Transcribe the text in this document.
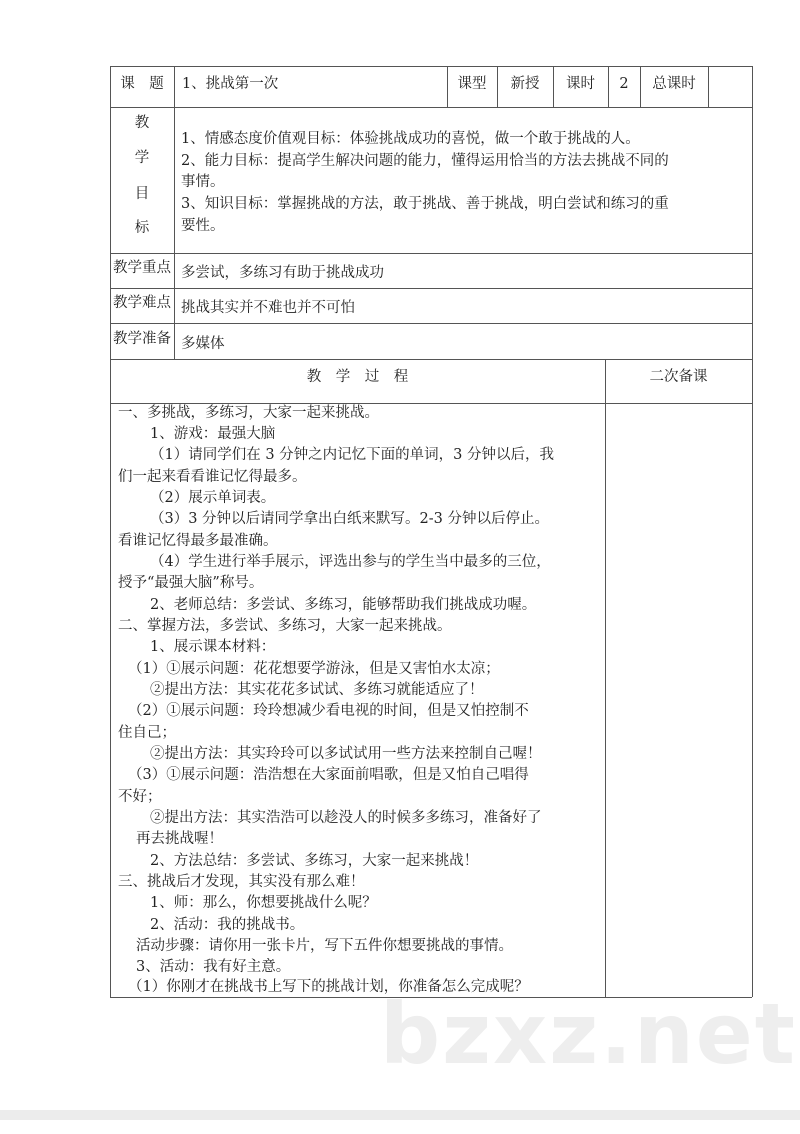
课　题	1、挑战第一次	课型	新授	课时	2	总课时
教
学
目
标
1、情感态度价值观目标：体验挑战成功的喜悦，做一个敢于挑战的人。
2、能力目标：提高学生解决问题的能力，懂得运用恰当的方法去挑战不同的
事情。
3、知识目标：掌握挑战的方法，敢于挑战、善于挑战，明白尝试和练习的重
要性。
教学重点 多尝试，多练习有助于挑战成功
教学难点 挑战其实并不难也并不可怕
教学准备 多媒体
教　学　过　程	二次备课
一、多挑战，多练习，大家一起来挑战。
1、游戏：最强大脑
（1）请同学们在 3 分钟之内记忆下面的单词，3 分钟以后，我
们一起来看看谁记忆得最多。
（2）展示单词表。
（3）3 分钟以后请同学拿出白纸来默写。2-3 分钟以后停止。
看谁记忆得最多最准确。
（4）学生进行举手展示，评选出参与的学生当中最多的三位，
授予“最强大脑”称号。
2、老师总结：多尝试、多练习，能够帮助我们挑战成功喔。
二、掌握方法，多尝试、多练习，大家一起来挑战。
1、展示课本材料：
（1）①展示问题：花花想要学游泳，但是又害怕水太凉；
②提出方法：其实花花多试试、多练习就能适应了！
（2）①展示问题：玲玲想减少看电视的时间，但是又怕控制不
住自己；
②提出方法：其实玲玲可以多试试用一些方法来控制自己喔！
（3）①展示问题：浩浩想在大家面前唱歌，但是又怕自己唱得
不好；
②提出方法：其实浩浩可以趁没人的时候多多练习，准备好了
再去挑战喔！
2、方法总结：多尝试、多练习，大家一起来挑战！
三、挑战后才发现，其实没有那么难！
1、师：那么，你想要挑战什么呢？
2、活动：我的挑战书。
活动步骤：请你用一张卡片，写下五件你想要挑战的事情。
3、活动：我有好主意。
（1）你刚才在挑战书上写下的挑战计划，你准备怎么完成呢？
bzxz.net
